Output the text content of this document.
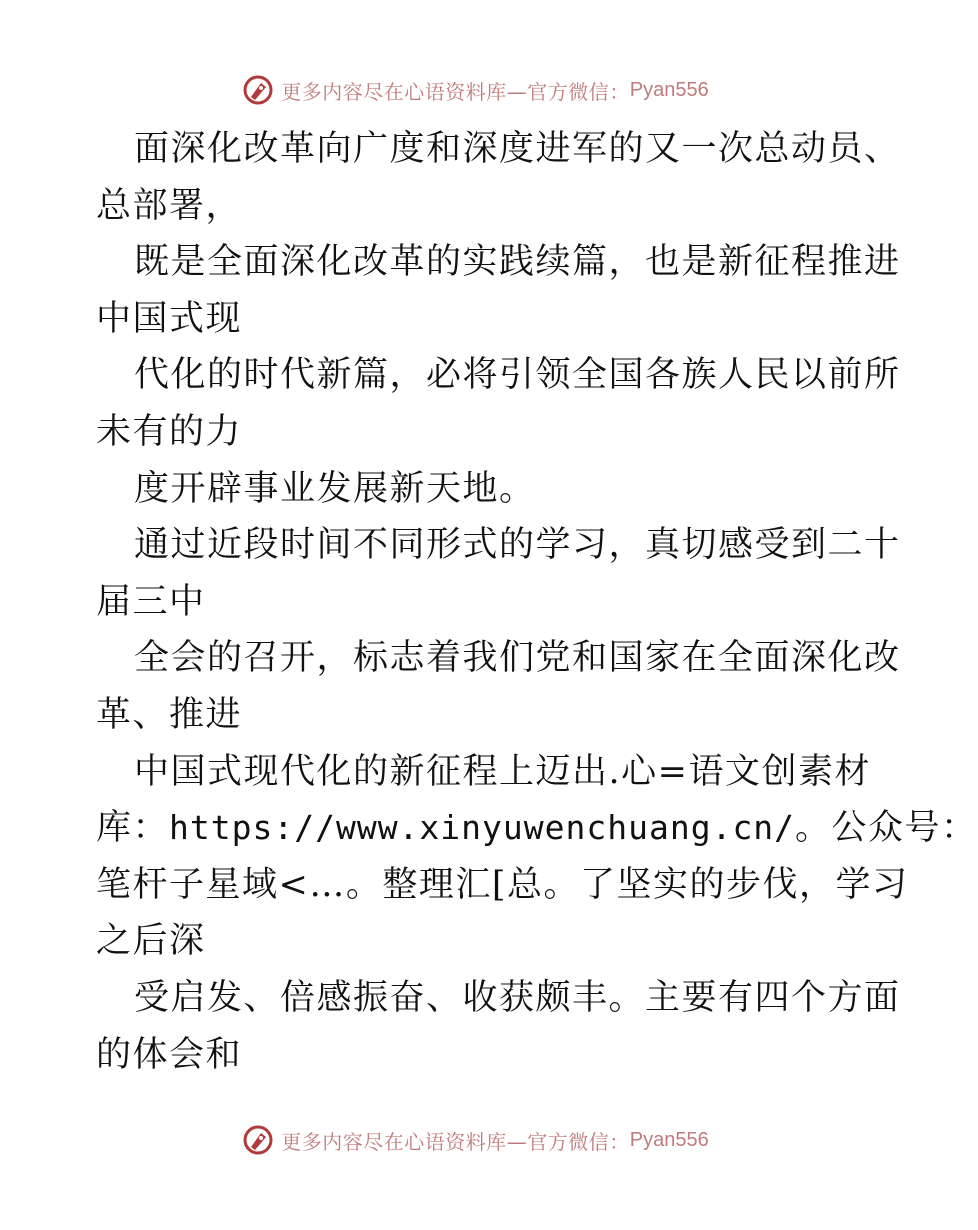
更多内容尽在心语资料库—官方微信： Pyan556
面深化改革向广度和深度进军的又一次总动员、
总部署，
既是全面深化改革的实践续篇，也是新征程推进
中国式现
代化的时代新篇，必将引领全国各族人民以前所
未有的力
度开辟事业发展新天地。
通过近段时间不同形式的学习，真切感受到二十
届三中
全会的召开，标志着我们党和国家在全面深化改
革、推进
中国式现代化的新征程上迈出.心=语文创素材
库：https://www.xinyuwenchuang.cn/。公众号：
笔杆子星域<…。整理汇[总。了坚实的步伐，学习
之后深
受启发、倍感振奋、收获颇丰。主要有四个方面
的体会和
更多内容尽在心语资料库—官方微信： Pyan556
